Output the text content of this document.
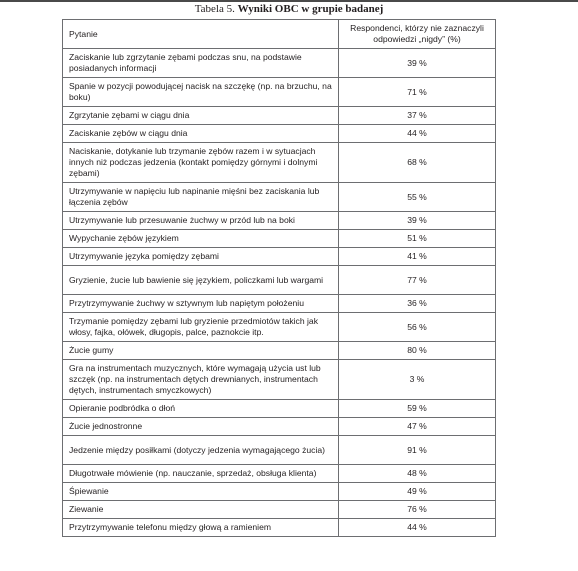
Tabela 5. Wyniki OBC w grupie badanej
Pytanie	Respondenci, którzy nie zaznaczyli odpowiedzi „nigdy” (%)
Zaciskanie lub zgrzytanie zębami podczas snu, na podstawie posiadanych informacji	39 %
Spanie w pozycji powodującej nacisk na szczękę (np. na brzuchu, na boku)	71 %
Zgrzytanie zębami w ciągu dnia	37 %
Zaciskanie zębów w ciągu dnia	44 %
Naciskanie, dotykanie lub trzymanie zębów razem i w sytuacjach innych niż podczas jedzenia (kontakt pomiędzy górnymi i dolnymi zębami)	68 %
Utrzymywanie w napięciu lub napinanie mięśni bez zaciskania lub łączenia zębów	55 %
Utrzymywanie lub przesuwanie żuchwy w przód lub na boki	39 %
Wypychanie zębów językiem	51 %
Utrzymywanie języka pomiędzy zębami	41 %
Gryzienie, żucie lub bawienie się językiem, policzkami lub wargami	77 %
Przytrzymywanie żuchwy w sztywnym lub napiętym położeniu	36 %
Trzymanie pomiędzy zębami lub gryzienie przedmiotów takich jak włosy, fajka, ołówek, długopis, palce, paznokcie itp.	56 %
Żucie gumy	80 %
Gra na instrumentach muzycznych, które wymagają użycia ust lub szczęk (np. na instrumentach dętych drewnianych, instrumentach dętych, instrumentach smyczkowych)	3 %
Opieranie podbródka o dłoń	59 %
Żucie jednostronne	47 %
Jedzenie między posiłkami (dotyczy jedzenia wymagającego żucia)	91 %
Długotrwałe mówienie (np. nauczanie, sprzedaż, obsługa klienta)	48 %
Śpiewanie	49 %
Ziewanie	76 %
Przytrzymywanie telefonu między głową a ramieniem	44 %
